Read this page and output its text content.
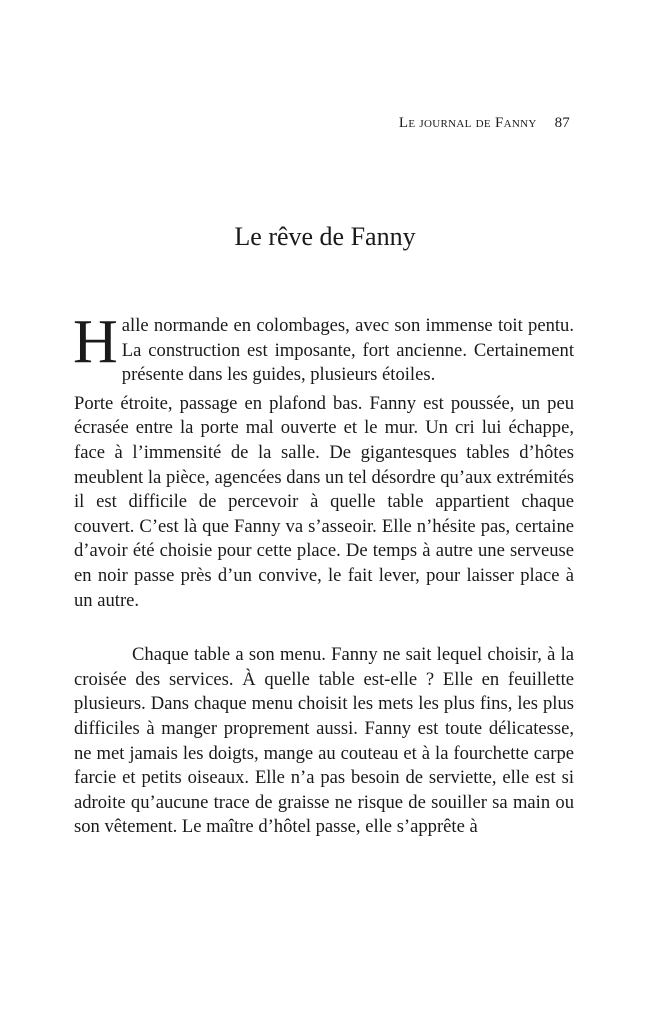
Le journal de Fanny 87
Le rêve de Fanny

Halle normande en colombages, avec son immense toit pentu. La construction est imposante, fort ancienne. Certainement présente dans les guides, plusieurs étoiles.

Porte étroite, passage en plafond bas. Fanny est poussée, un peu écrasée entre la porte mal ouverte et le mur. Un cri lui échappe, face à l’immensité de la salle. De gigantesques tables d’hôtes meublent la pièce, agencées dans un tel désordre qu’aux extrémités il est difficile de percevoir à quelle table appartient chaque couvert. C’est là que Fanny va s’asseoir. Elle n’hésite pas, certaine d’avoir été choisie pour cette place. De temps à autre une serveuse en noir passe près d’un convive, le fait lever, pour laisser place à un autre.

Chaque table a son menu. Fanny ne sait lequel choisir, à la croisée des services. À quelle table est-elle ? Elle en feuillette plusieurs. Dans chaque menu choisit les mets les plus fins, les plus difficiles à manger proprement aussi. Fanny est toute délicatesse, ne met jamais les doigts, mange au couteau et à la fourchette carpe farcie et petits oiseaux. Elle n’a pas besoin de serviette, elle est si adroite qu’aucune trace de graisse ne risque de souiller sa main ou son vêtement. Le maître d’hôtel passe, elle s’apprête à
